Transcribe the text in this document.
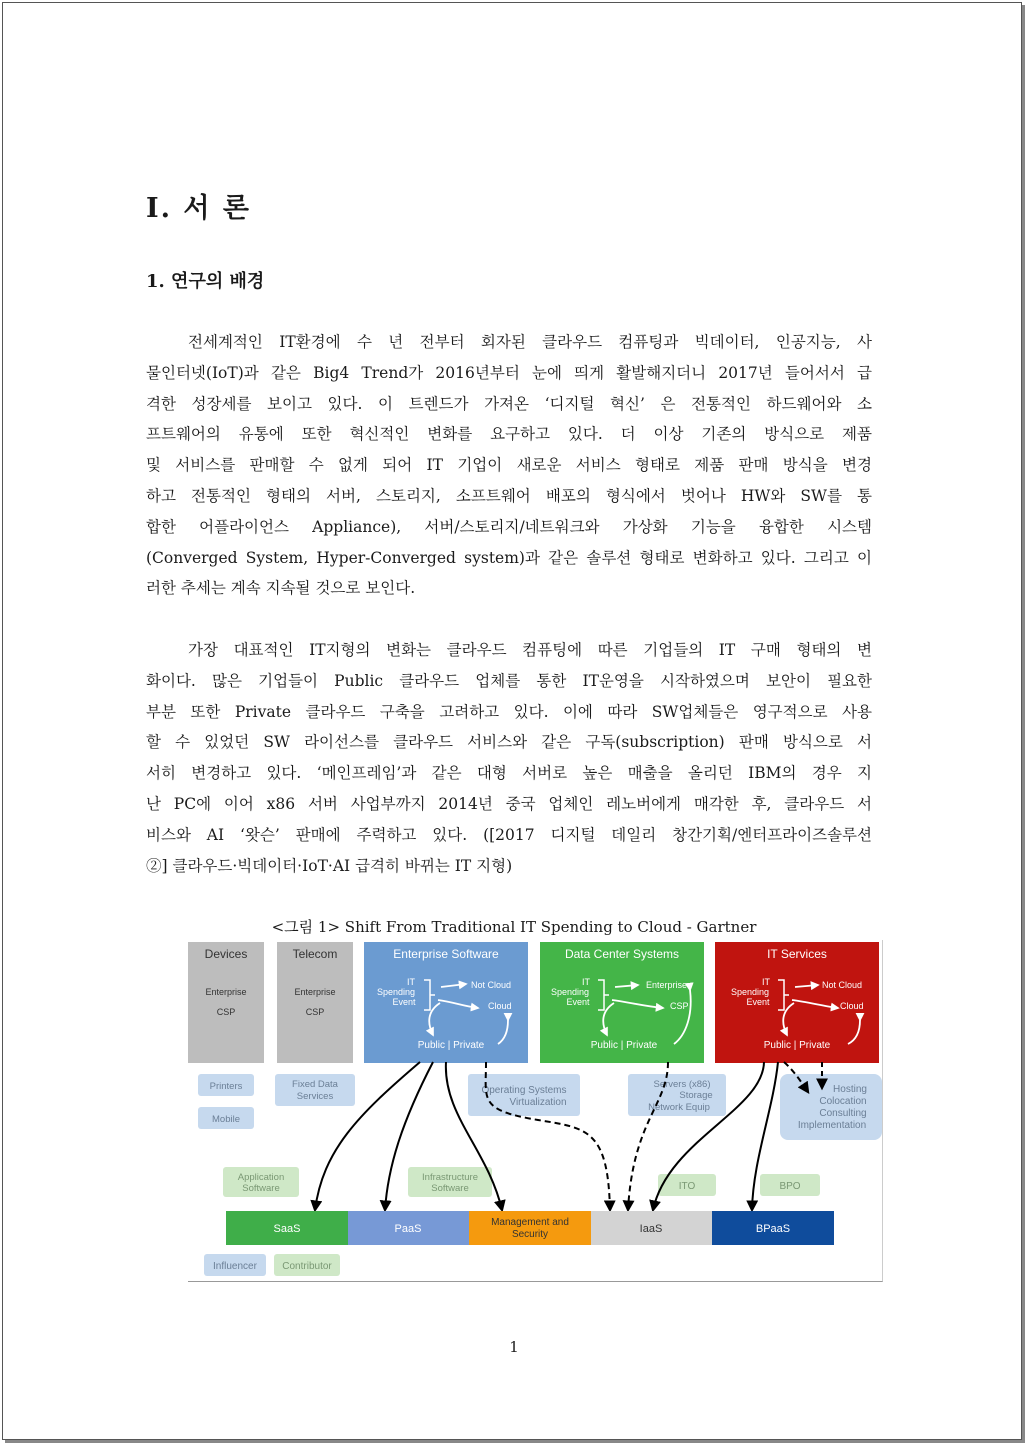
I. 서 론
1. 연구의 배경
전세계적인 IT환경에 수 년 전부터 회자된 클라우드 컴퓨팅과 빅데이터, 인공지능, 사
물인터넷(IoT)과 같은 Big4 Trend가 2016년부터 눈에 띄게 활발해지더니 2017년 들어서서 급
격한 성장세를 보이고 있다. 이 트렌드가 가져온 ‘디지털 혁신’ 은 전통적인 하드웨어와 소
프트웨어의 유통에 또한 혁신적인 변화를 요구하고 있다. 더 이상 기존의 방식으로 제품
및 서비스를 판매할 수 없게 되어 IT 기업이 새로운 서비스 형태로 제품 판매 방식을 변경
하고 전통적인 형태의 서버, 스토리지, 소프트웨어 배포의 형식에서 벗어나 HW와 SW를 통
합한 어플라이언스 Appliance), 서버/스토리지/네트워크와 가상화 기능을 융합한 시스템
(Converged System, Hyper-Converged system)과 같은 솔루션 형태로 변화하고 있다. 그리고 이
러한 추세는 계속 지속될 것으로 보인다.
가장 대표적인 IT지형의 변화는 클라우드 컴퓨팅에 따른 기업들의 IT 구매 형태의 변
화이다. 많은 기업들이 Public 클라우드 업체를 통한 IT운영을 시작하였으며 보안이 필요한
부분 또한 Private 클라우드 구축을 고려하고 있다. 이에 따라 SW업체들은 영구적으로 사용
할 수 있었던 SW 라이선스를 클라우드 서비스와 같은 구독(subscription) 판매 방식으로 서
서히 변경하고 있다. ‘메인프레임’과 같은 대형 서버로 높은 매출을 올리던 IBM의 경우 지
난 PC에 이어 x86 서버 사업부까지 2014년 중국 업체인 레노버에게 매각한 후, 클라우드 서
비스와 AI ‘왓슨’ 판매에 주력하고 있다. ([2017 디지털 데일리 창간기획/엔터프라이즈솔루션
②] 클라우드·빅데이터·IoT·AI 급격히 바뀌는 IT 지형)

<그림 1> Shift From Traditional IT Spending to Cloud - Gartner

Devices
Enterprise
CSP
Telecom
Enterprise
CSP
Enterprise Software
IT
Spending
Event
Not Cloud
Cloud
Public | Private
Data Center Systems
IT
Spending
Event
Enterprise
CSP
Public | Private
IT Services
IT
Spending
Event
Not Cloud
Cloud
Public | Private
Printers
Mobile
Fixed Data
Services
Operating Systems
Virtualization
Servers (x86)
Storage
Network Equip
Hosting
Colocation
Consulting
Implementation
Application
Software
Infrastructure
Software	ITO	BPO
SaaS	PaaS
Management and
Security	IaaS	BPaaS
Influencer	Contributor

1
